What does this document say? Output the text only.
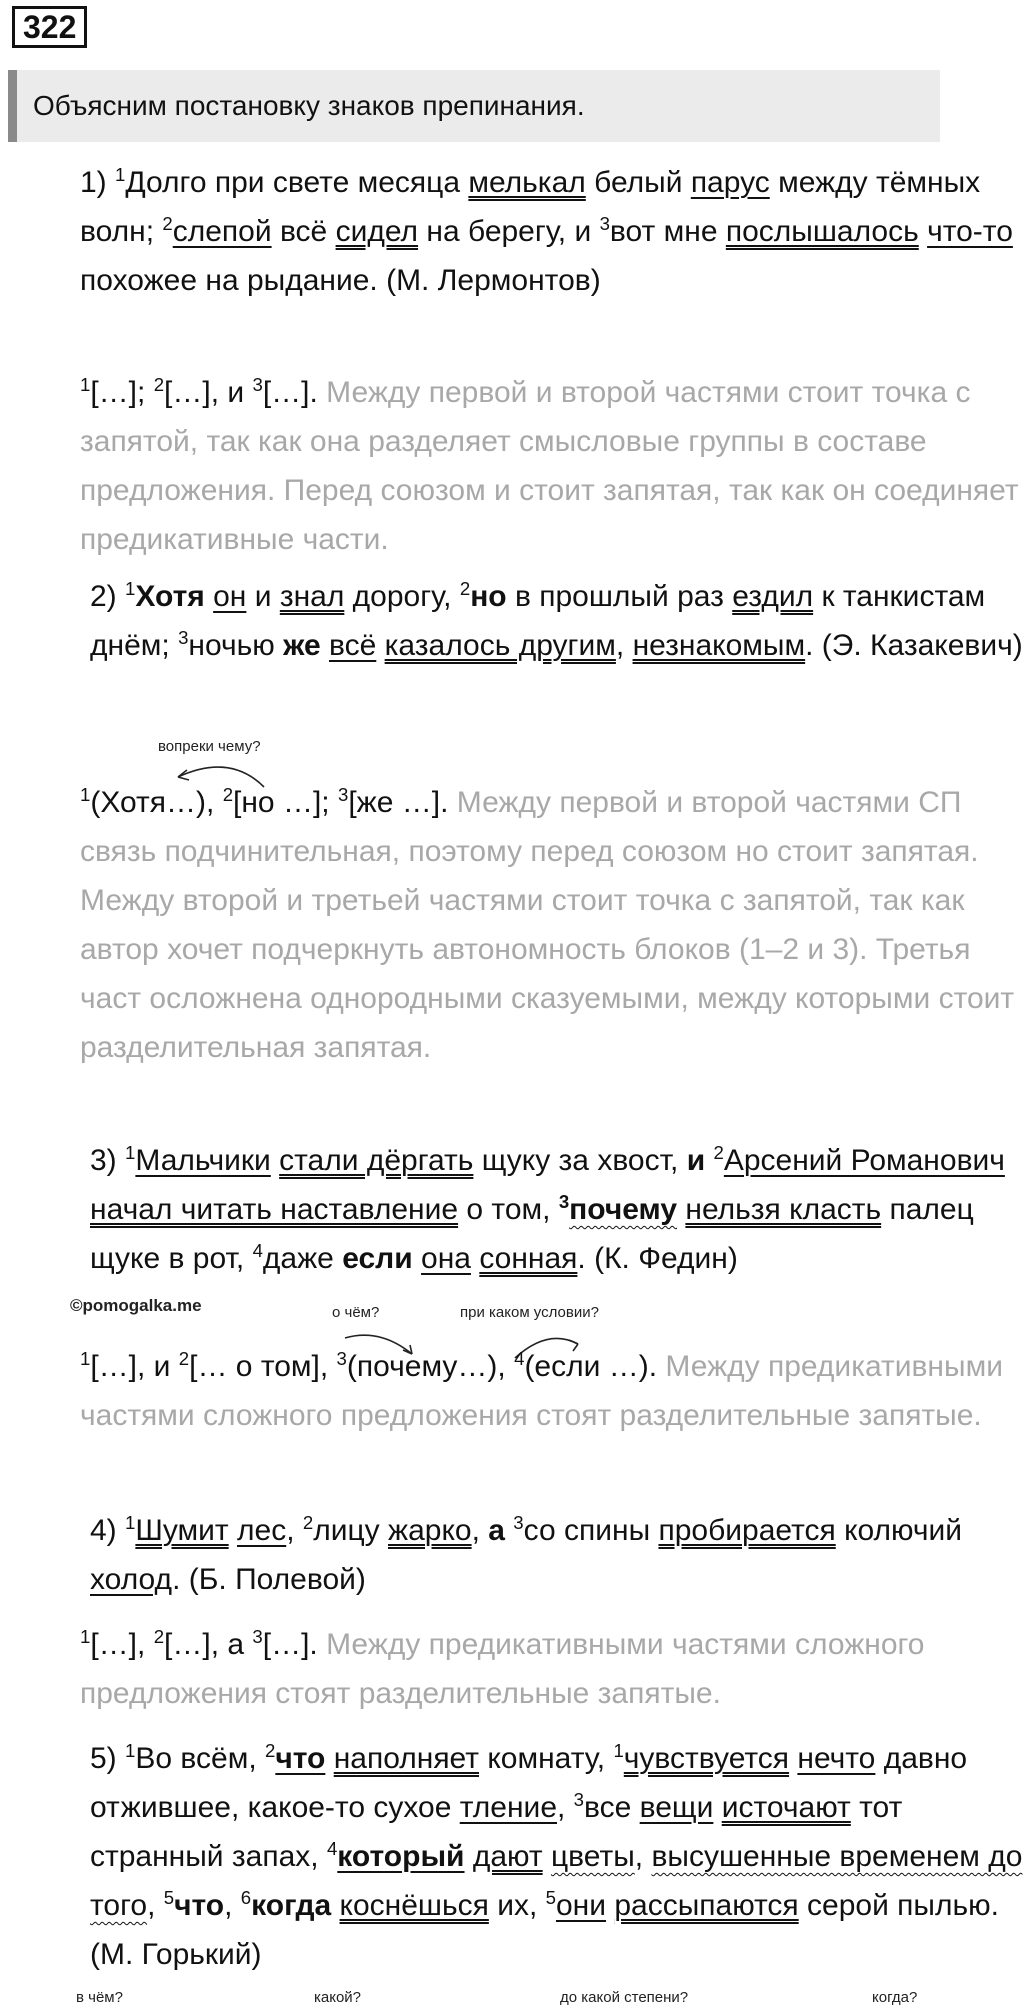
322
Объясним постановку знаков препинания.

1) $^1$Долго при свете месяца мелькал белый парус между тёмных волн; $^2$слепой всё сидел на берегу, и $^3$вот мне послышалось что-то похожее на рыдание. (М. Лермонтов)

$^1$[…]; $^2$[…], и $^3$[…]. Между первой и второй частями стоит точка с запятой, так как она разделяет смысловые группы в составе предложения. Перед союзом и стоит запятая, так как он соединяет предикативные части.

2) $^1$Хотя он и знал дорогу, $^2$но в прошлый раз ездил к танкистам днём; $^3$ночью же всё казалось другим, незнакомым. (Э. Казакевич)

вопреки чему?

$^1$(Хотя…), $^2$[но …]; $^3$[же …]. Между первой и второй частями СП связь подчинительная, поэтому перед союзом но стоит запятая. Между второй и третьей частями стоит точка с запятой, так как автор хочет подчеркнуть автономность блоков (1–2 и 3). Третья част осложнена однородными сказуемыми, между которыми стоит разделительная запятая.

3) $^1$Мальчики стали дёргать щуку за хвост, и $^2$Арсений Романович начал читать наставление о том, $^3$почему нельзя класть палец щуке в рот, $^4$даже если она сонная. (К. Федин)

©pomogalka.me	о чём?	при каком условии?

$^1$[…], и $^2$[… о том], $^3$(почему…), $^4$(если …). Между предикативными частями сложного предложения стоят разделительные запятые.

4) $^1$Шумит лес, $^2$лицу жарко, а $^3$со спины пробирается колючий холод. (Б. Полевой)

$^1$[…], $^2$[…], а $^3$[…]. Между предикативными частями сложного предложения стоят разделительные запятые.

5) $^1$Во всём, $^2$что наполняет комнату, $^1$чувствуется нечто давно отжившее, какое-то сухое тление, $^3$все вещи источают тот странный запах, $^4$который дают цветы, высушенные временем до того, $^5$что, $^6$когда коснёшься их, $^5$они рассыпаются серой пылью. (М. Горький)

в чём?	какой?	до какой степени?	когда?
